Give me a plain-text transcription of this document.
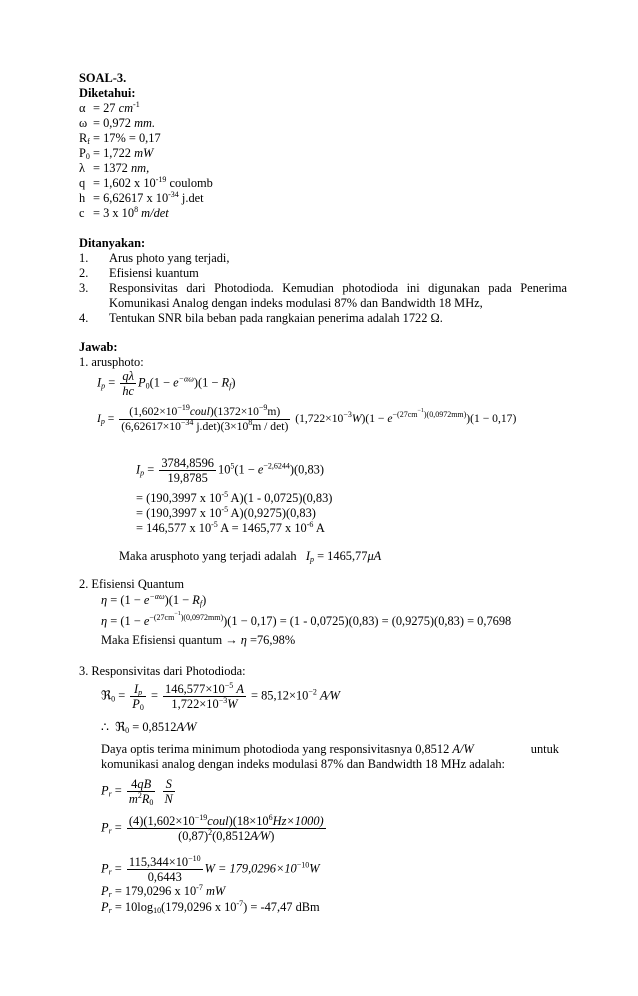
SOAL-3.
Diketahui:
α = 27 $cm^{-1}$
ω = 0,972 mm.
$R_f = 17\% = 0,17$
$P_0 = 1,722$ mW
λ = 1372 nm,
q = 1,602 x $10^{-19}$ coulomb
h = 6,62617 x $10^{-34}$ j.det
c = 3 x $10^8$ m/det
Ditanyakan:
1. Arus photo yang terjadi,
2. Efisiensi kuantum
3. Responsivitas dari Photodioda. Kemudian photodioda ini digunakan pada Penerima
Komunikasi Analog dengan indeks modulasi 87% dan Bandwidth 18 MHz,
4. Tentukan SNR bila beban pada rangkaian penerima adalah 1722 Ω.
Jawab:
1. arusphoto:
$I_p = \frac{q\lambda}{hc} P_0(1 - e^{-\alpha\omega})(1 - R_f)$
$I_p = \frac{(1,602\times 10^{-19}coul)(1372\times 10^{-9}m)}{(6,62617\times 10^{-34} j.\det)(3\times 10^8m / \det)} (1,722\times 10^{-3}W)(1 - e^{-(27cm^{-1})(0,0972mm)})(1 - 0,17)$
$I_p = \frac{3784,8596}{19,8785} 10^5(1 - e^{-2,6244})(0,83)$
= (190,3997 x $10^{-5}$ A)(1 - 0,0725)(0,83)
= (190,3997 x $10^{-5}$ A)(0,9275)(0,83)
= 146,577 x $10^{-5}$ A = 1465,77 x $10^{-6}$ A
Maka arusphoto yang terjadi adalah $I_p = 1465,77\mu A$
2. Efisiensi Quantum
$\eta = (1 - e^{-\alpha\omega})(1 - R_f)$
$\eta = (1 - e^{-(27cm^{-1})(0,0972mm)})(1 - 0,17) = (1 - 0,0725)(0,83) = (0,9275)(0,83) = 0,7698$
Maka Efisiensi quantum → η =76,98%
3. Responsivitas dari Photodioda:
ℜ$_0$ = $\frac{I_p}{P_0} = \frac{146,577\times 10^{-5} A}{1,722\times 10^{-3}W} = 85,12\times 10^{-2}$ A⁄W
∴  ℜ$_0$ = 0,8512A⁄W
Daya optis terima minimum photodioda yang responsivitasnya 0,8512 A/W	untuk
komunikasi analog dengan indeks modulasi 87% dan Bandwidth 18 MHz adalah:
$P_r = \frac{4qB}{m^2R_0}$
$\frac{S}{N}$
$P_r = \frac{(4)(1,602\times 10^{-19}coul)(18\times 10^6Hz\times 1000)}{(0,87)^2(0,8512A⁄W)}$
$P_r = \frac{115,344\times 10^{-10}}{0,6443}$ $W = 179,0296\times 10^{-10}W$
$P_r = 179,0296$ x $10^{-7}$ mW
$P_r = 10\log_{10}(179,0296$ x $10^{-7}) = -47,47$ dBm
